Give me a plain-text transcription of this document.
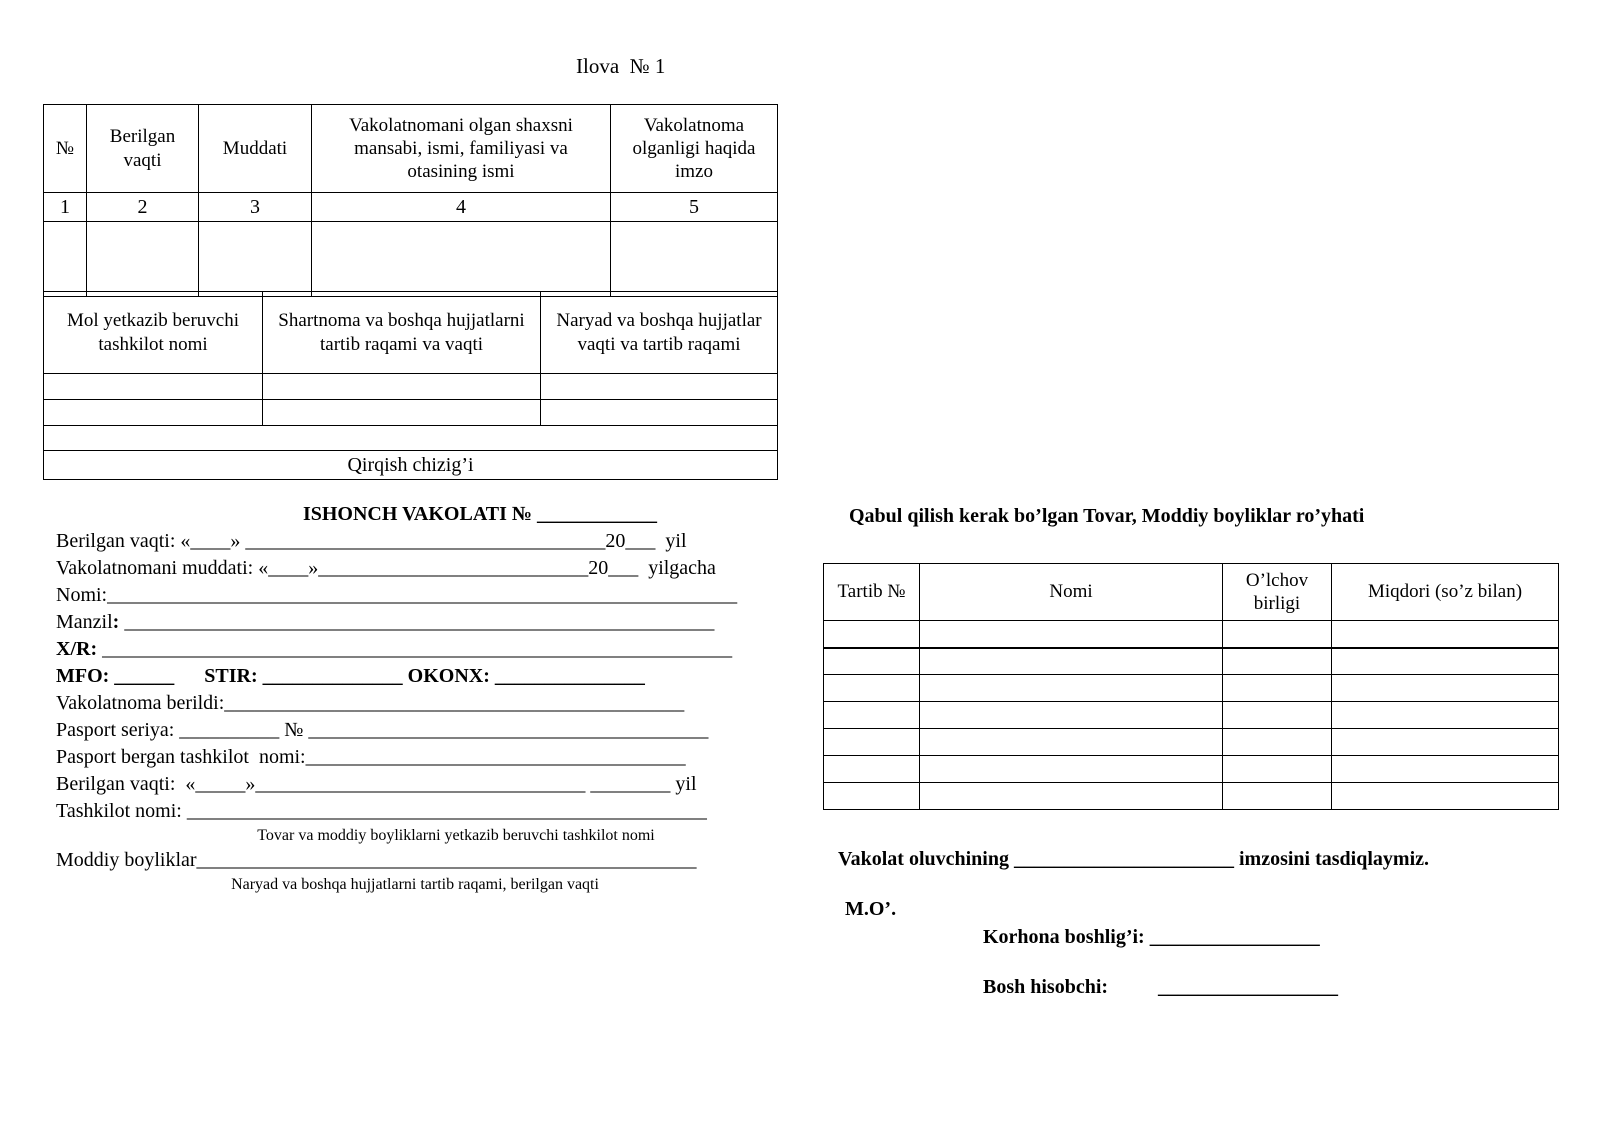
Ilova  № 1
№	Berilgan vaqti	Muddati	Vakolatnomani olgan shaxsni mansabi, ismi, familiyasi va otasining ismi	Vakolatnoma olganligi haqida imzo
1	2	3	4	5

Mol yetkazib beruvchi tashkilot nomi	Shartnoma va boshqa hujjatlarni tartib raqami va vaqti	Naryad va boshqa hujjatlar vaqti va tartib raqami

Qirqish chizig’i		
ISHONCH VAKOLATI № ____________
Berilgan vaqti: «____» ____________________________________20___  yil
Vakolatnomani muddati: «____»___________________________20___  yilgacha
Nomi:_______________________________________________________________
Manzil: ___________________________________________________________
X/R: _______________________________________________________________
MFO: ______      STIR: ______________ OKONX: _______________
Vakolatnoma berildi:______________________________________________
Pasport seriya: __________ № ________________________________________
Pasport bergan tashkilot  nomi:______________________________________
Berilgan vaqti:  «_____»_________________________________ ________ yil
Tashkilot nomi: ____________________________________________________
Tovar va moddiy boyliklarni yetkazib beruvchi tashkilot nomi
Moddiy boyliklar__________________________________________________
Naryad va boshqa hujjatlarni tartib raqami, berilgan vaqti
Qabul qilish kerak bo’lgan Tovar, Moddiy boyliklar ro’yhati
Tartib №	Nomi	O’lchov birligi	Miqdori (so’z bilan)

Vakolat oluvchining ______________________ imzosini tasdiqlaymiz.
M.O’.
Korhona boshlig’i: _________________
Bosh hisobchi:          __________________
